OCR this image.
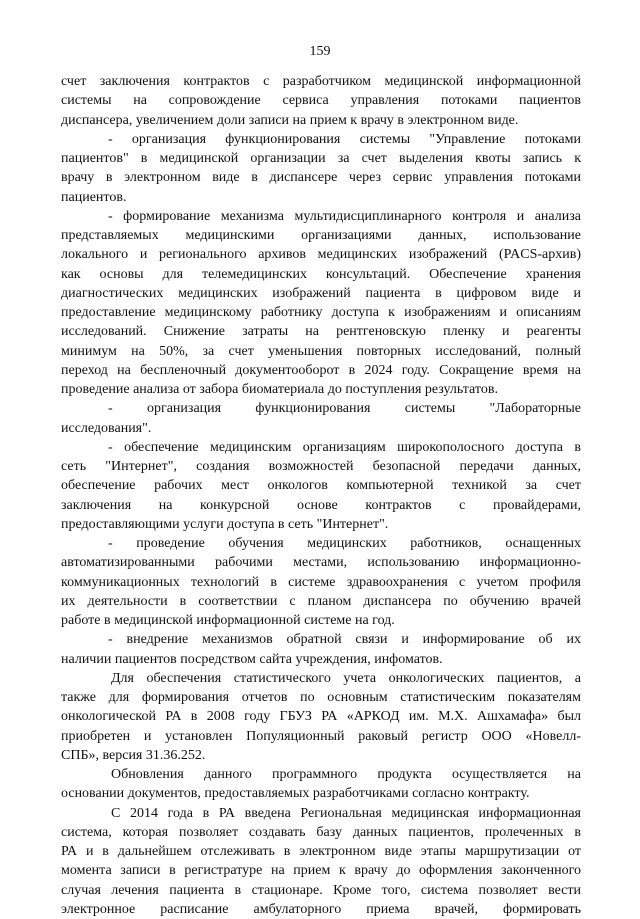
159
счет заключения контрактов с разработчиком медицинской информационной
системы на сопровождение сервиса управления потоками пациентов
диспансера, увеличением доли записи на прием к врачу в электронном виде.
- организация функционирования системы "Управление потоками
пациентов" в медицинской организации за счет выделения квоты запись к
врачу в электронном виде в диспансере через сервис управления потоками
пациентов.
- формирование механизма мультидисциплинарного контроля и анализа
представляемых медицинскими организациями данных, использование
локального и регионального архивов медицинских изображений (PACS-архив)
как основы для телемедицинских консультаций. Обеспечение хранения
диагностических медицинских изображений пациента в цифровом виде и
предоставление медицинскому работнику доступа к изображениям и описаниям
исследований. Снижение затраты на рентгеновскую пленку и реагенты
минимум на 50%, за счет уменьшения повторных исследований, полный
переход на беспленочный документооборот в 2024 году. Сокращение время на
проведение анализа от забора биоматериала до поступления результатов.
- организация функционирования системы "Лабораторные
исследования".
- обеспечение медицинским организациям широкополосного доступа в
сеть "Интернет", создания возможностей безопасной передачи данных,
обеспечение рабочих мест онкологов компьютерной техникой за счет
заключения на конкурсной основе контрактов с провайдерами,
предоставляющими услуги доступа в сеть "Интернет".
- проведение обучения медицинских работников, оснащенных
автоматизированными рабочими местами, использованию информационно-
коммуникационных технологий в системе здравоохранения с учетом профиля
их деятельности в соответствии с планом диспансера по обучению врачей
работе в медицинской информационной системе на год.
- внедрение механизмов обратной связи и информирование об их
наличии пациентов посредством сайта учреждения, инфоматов.
Для обеспечения статистического учета онкологических пациентов, а
также для формирования отчетов по основным статистическим показателям
онкологической РА в 2008 году ГБУЗ РА «АРКОД им. М.Х. Ашхамафа» был
приобретен и установлен Популяционный раковый регистр ООО «Новелл-
СПБ», версия 31.36.252.
Обновления данного программного продукта осуществляется на
основании документов, предоставляемых разработчиками согласно контракту.
С 2014 года в РА введена Региональная медицинская информационная
система, которая позволяет создавать базу данных пациентов, пролеченных в
РА и в дальнейшем отслеживать в электронном виде этапы маршрутизации от
момента записи в регистратуре на прием к врачу до оформления законченного
случая лечения пациента в стационаре. Кроме того, система позволяет вести
электронное расписание амбулаторного приема врачей, формировать
